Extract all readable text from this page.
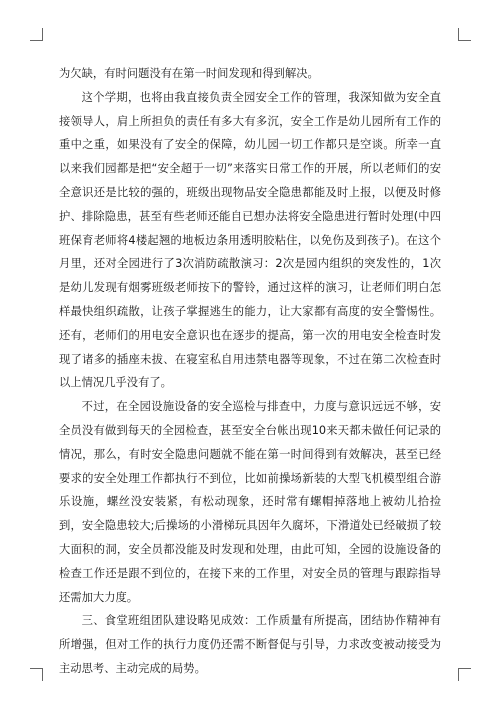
为欠缺，有时问题没有在第一时间发现和得到解决。

这个学期，也将由我直接负责全园安全工作的管理，我深知做为安全直接领导人，肩上所担负的责任有多大有多沉，安全工作是幼儿园所有工作的重中之重，如果没有了安全的保障，幼儿园一切工作都只是空谈。所幸一直以来我们园都是把“安全超于一切”来落实日常工作的开展，所以老师们的安全意识还是比较的强的，班级出现物品安全隐患都能及时上报，以便及时修护、排除隐患，甚至有些老师还能自已想办法将安全隐患进行暂时处理(中四班保育老师将4楼起翘的地板边条用透明胶粘住，以免伤及到孩子)。在这个月里，还对全园进行了3次消防疏散演习：2次是园内组织的突发性的，1次是幼儿发现有烟雾班级老师按下的警铃，通过这样的演习，让老师们明白怎样最快组织疏散，让孩子掌握逃生的能力，让大家都有高度的安全警惕性。还有，老师们的用电安全意识也在逐步的提高，第一次的用电安全检查时发现了诸多的插座未拔、在寝室私自用违禁电器等现象，不过在第二次检查时以上情况几乎没有了。

不过，在全园设施设备的安全巡检与排查中，力度与意识远远不够，安全员没有做到每天的全园检查，甚至安全台帐出现10来天都未做任何记录的情况，那么，有时安全隐患问题就不能在第一时间得到有效解决，甚至已经要求的安全处理工作都执行不到位，比如前操场新装的大型飞机模型组合游乐设施，螺丝没安装紧，有松动现象，还时常有螺帽掉落地上被幼儿拾捡到，安全隐患较大;后操场的小滑梯玩具因年久腐坏，下滑道处已经破损了较大面积的洞，安全员都没能及时发现和处理，由此可知，全园的设施设备的检查工作还是跟不到位的，在接下来的工作里，对安全员的管理与跟踪指导还需加大力度。

三、食堂班组团队建设略见成效：工作质量有所提高，团结协作精神有所增强，但对工作的执行力度仍还需不断督促与引导，力求改变被动接受为主动思考、主动完成的局势。
